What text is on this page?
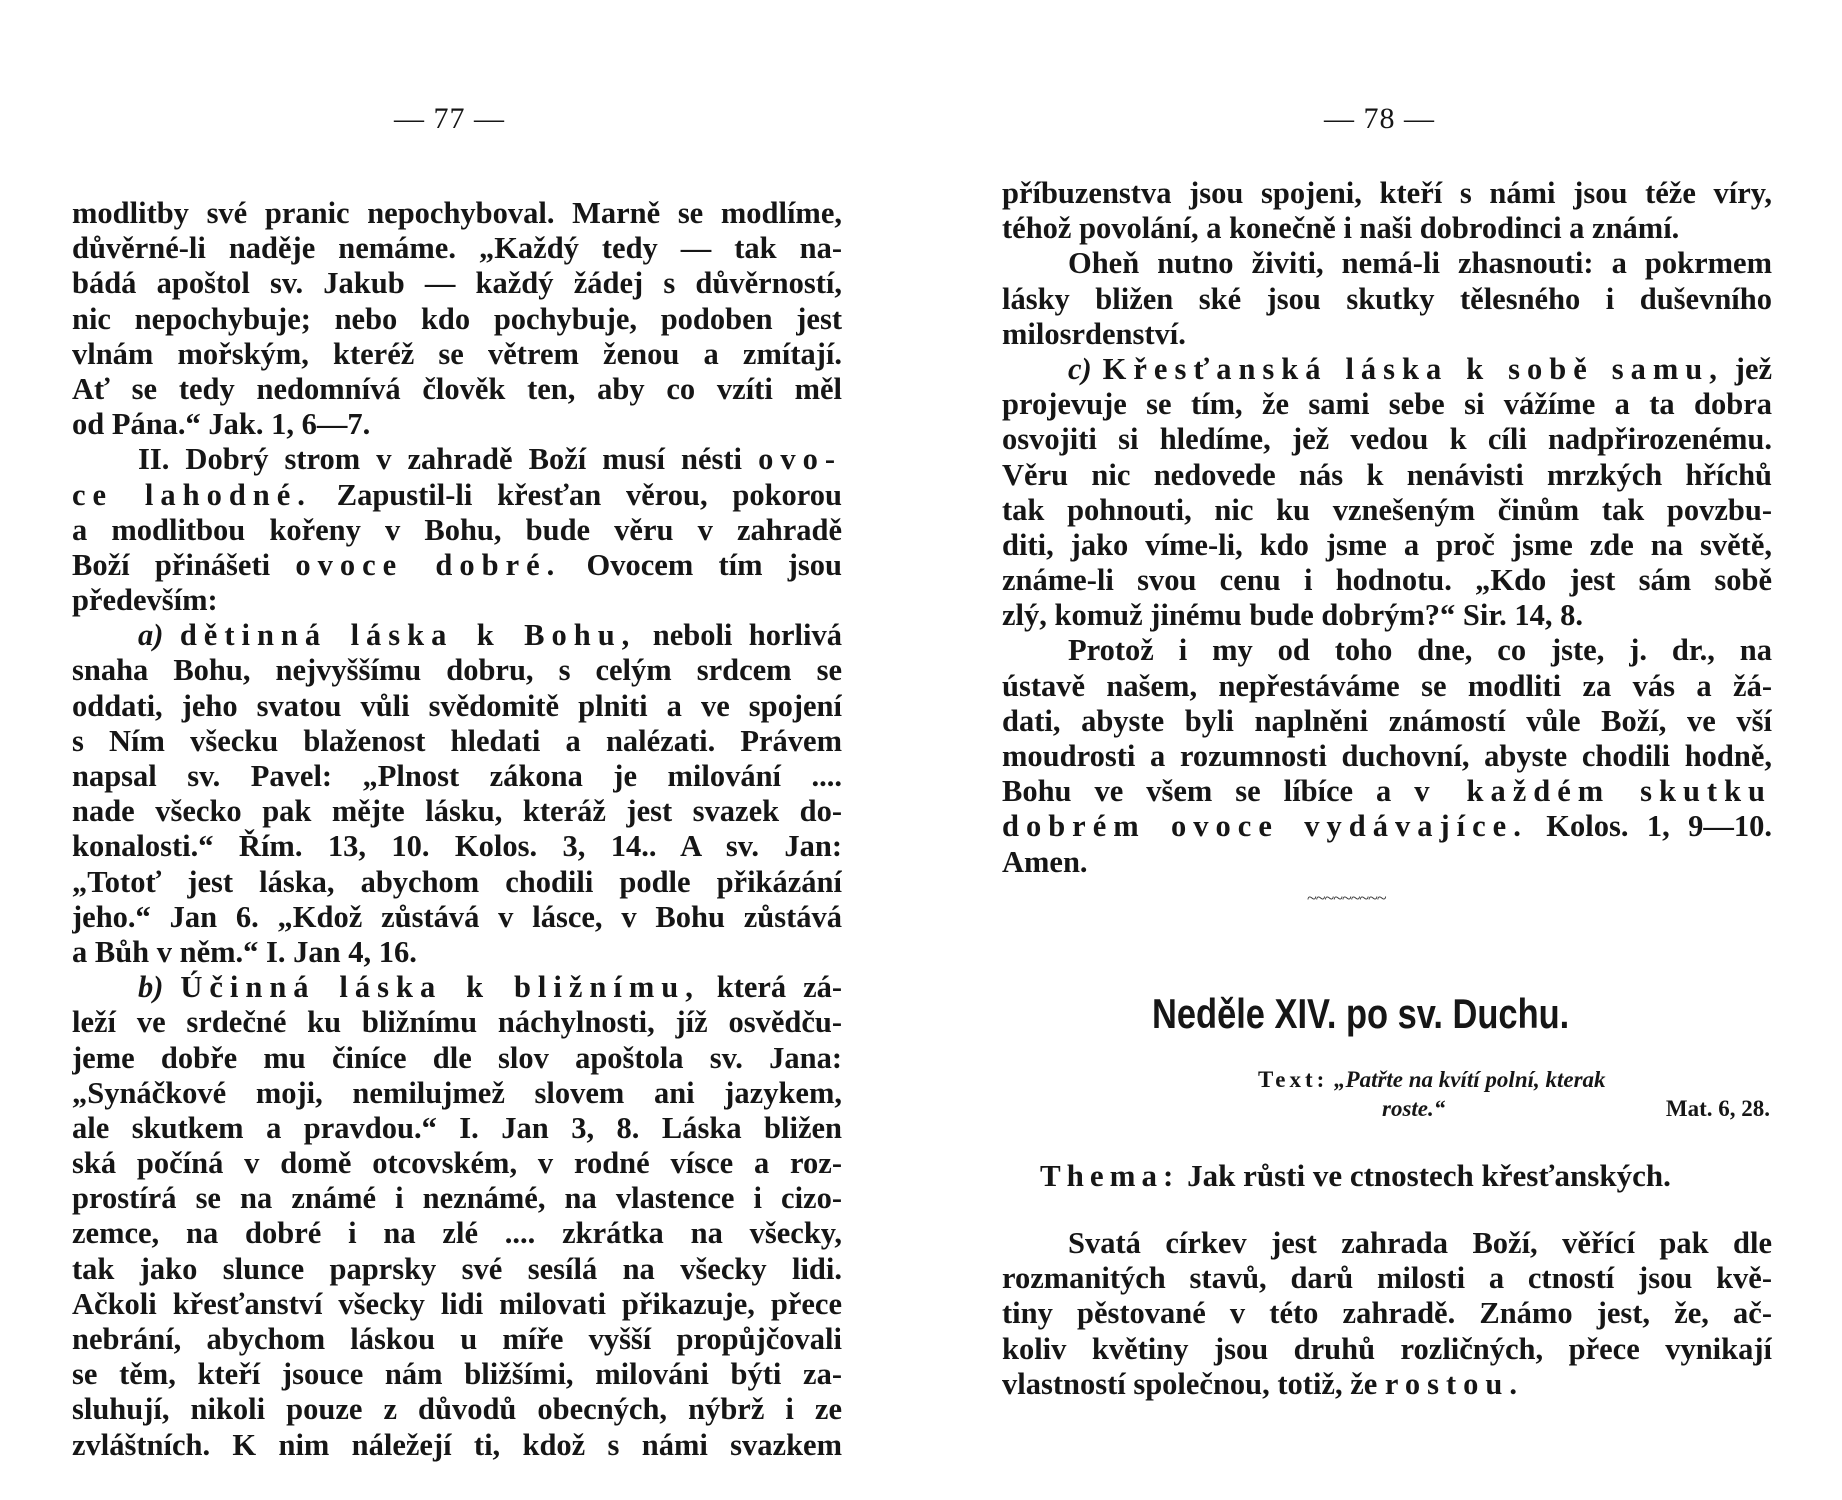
— 77 —
modlitby své pranic nepochyboval. Marně se modlíme,
důvěrné-li naděje nemáme. „Každý tedy — tak na-
bádá apoštol sv. Jakub — každý žádej s důvěrností,
nic nepochybuje; nebo kdo pochybuje, podoben jest
vlnám mořským, kteréž se větrem ženou a zmítají.
Ať se tedy nedomnívá člověk ten, aby co vzíti měl
od Pána.“ Jak. 1, 6—7.
II. Dobrý strom v zahradě Boží musí nésti ovo-
ce lahodné. Zapustil-li křesťan věrou, pokorou
a modlitbou kořeny v Bohu, bude věru v zahradě
Boží přinášeti ovoce dobré. Ovocem tím jsou
především:
a) dětinná láska k Bohu, neboli horlivá
snaha Bohu, nejvyššímu dobru, s celým srdcem se
oddati, jeho svatou vůli svědomitě plniti a ve spojení
s Ním všecku blaženost hledati a nalézati. Právem
napsal sv. Pavel: „Plnost zákona je milování ....
nade všecko pak mějte lásku, kteráž jest svazek do-
konalosti.“ Řím. 13, 10. Kolos. 3, 14.. A sv. Jan:
„Totoť jest láska, abychom chodili podle přikázání
jeho.“ Jan 6. „Kdož zůstává v lásce, v Bohu zůstává
a Bůh v něm.“ I. Jan 4, 16.
b) Účinná láska k bližnímu, která zá-
leží ve srdečné ku bližnímu náchylnosti, jíž osvědču-
jeme dobře mu činíce dle slov apoštola sv. Jana:
„Synáčkové moji, nemilujmež slovem ani jazykem,
ale skutkem a pravdou.“ I. Jan 3, 8. Láska bližen
ská počíná v domě otcovském, v rodné vísce a roz-
prostírá se na známé i neznámé, na vlastence i cizo-
zemce, na dobré i na zlé .... zkrátka na všecky,
tak jako slunce paprsky své sesílá na všecky lidi.
Ačkoli křesťanství všecky lidi milovati přikazuje, přece
nebrání, abychom láskou u míře vyšší propůjčovali
se těm, kteří jsouce nám bližšími, milováni býti za-
sluhují, nikoli pouze z důvodů obecných, nýbrž i ze
zvláštních. K nim náležejí ti, kdož s námi svazkem
— 78 —
příbuzenstva jsou spojeni, kteří s námi jsou téže víry,
téhož povolání, a konečně i naši dobrodinci a známí.
Oheň nutno živiti, nemá-li zhasnouti: a pokrmem
lásky bližen ské jsou skutky tělesného i duševního
milosrdenství.
c) Křesťanská láska k sobě samu, jež
projevuje se tím, že sami sebe si vážíme a ta dobra
osvojiti si hledíme, jež vedou k cíli nadpřirozenému.
Věru nic nedovede nás k nenávisti mrzkých hříchů
tak pohnouti, nic ku vznešeným činům tak povzbu-
diti, jako víme-li, kdo jsme a proč jsme zde na světě,
známe-li svou cenu i hodnotu. „Kdo jest sám sobě
zlý, komuž jinému bude dobrým?“ Sir. 14, 8.
Protož i my od toho dne, co jste, j. dr., na
ústavě našem, nepřestáváme se modliti za vás a žá-
dati, abyste byli naplněni známostí vůle Boží, ve vší
moudrosti a rozumnosti duchovní, abyste chodili hodně,
Bohu ve všem se líbíce a v každém skutku
dobrém ovoce vydávajíce. Kolos. 1, 9—10.
Amen.
~~~~~~~~~
Neděle XIV. po sv. Duchu.
Text: „Patřte na kvítí polní, kterak
roste.“	Mat. 6, 28.
Thema: Jak růsti ve ctnostech křesťanských.
Svatá církev jest zahrada Boží, věřící pak dle
rozmanitých stavů, darů milosti a ctností jsou kvě-
tiny pěstované v této zahradě. Známo jest, že, ač-
koliv květiny jsou druhů rozličných, přece vynikají
vlastností společnou, totiž, že rostou.
